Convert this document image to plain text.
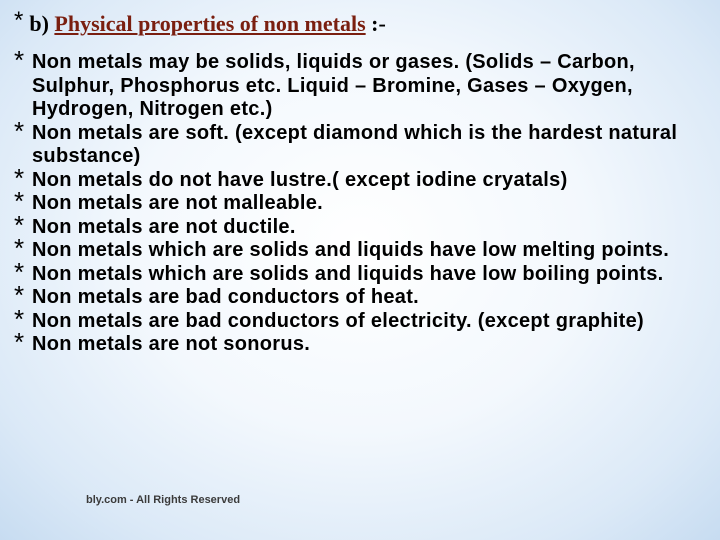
* b) Physical properties of non metals :-
* Non metals may be solids, liquids or gases. (Solids – Carbon, Sulphur, Phosphorus etc. Liquid – Bromine, Gases – Oxygen, Hydrogen, Nitrogen etc.)
* Non metals are soft. (except diamond which is the hardest natural substance)
* Non metals do not have lustre.( except iodine cryatals)
* Non metals are not malleable.
* Non metals are not ductile.
* Non metals which are solids and liquids have low melting points.
* Non metals which are solids and liquids have low boiling points.
* Non metals are bad conductors of heat.
* Non metals are bad conductors of electricity. (except graphite)
* Non metals are not sonorus.
bly.com - All Rights Reserved
